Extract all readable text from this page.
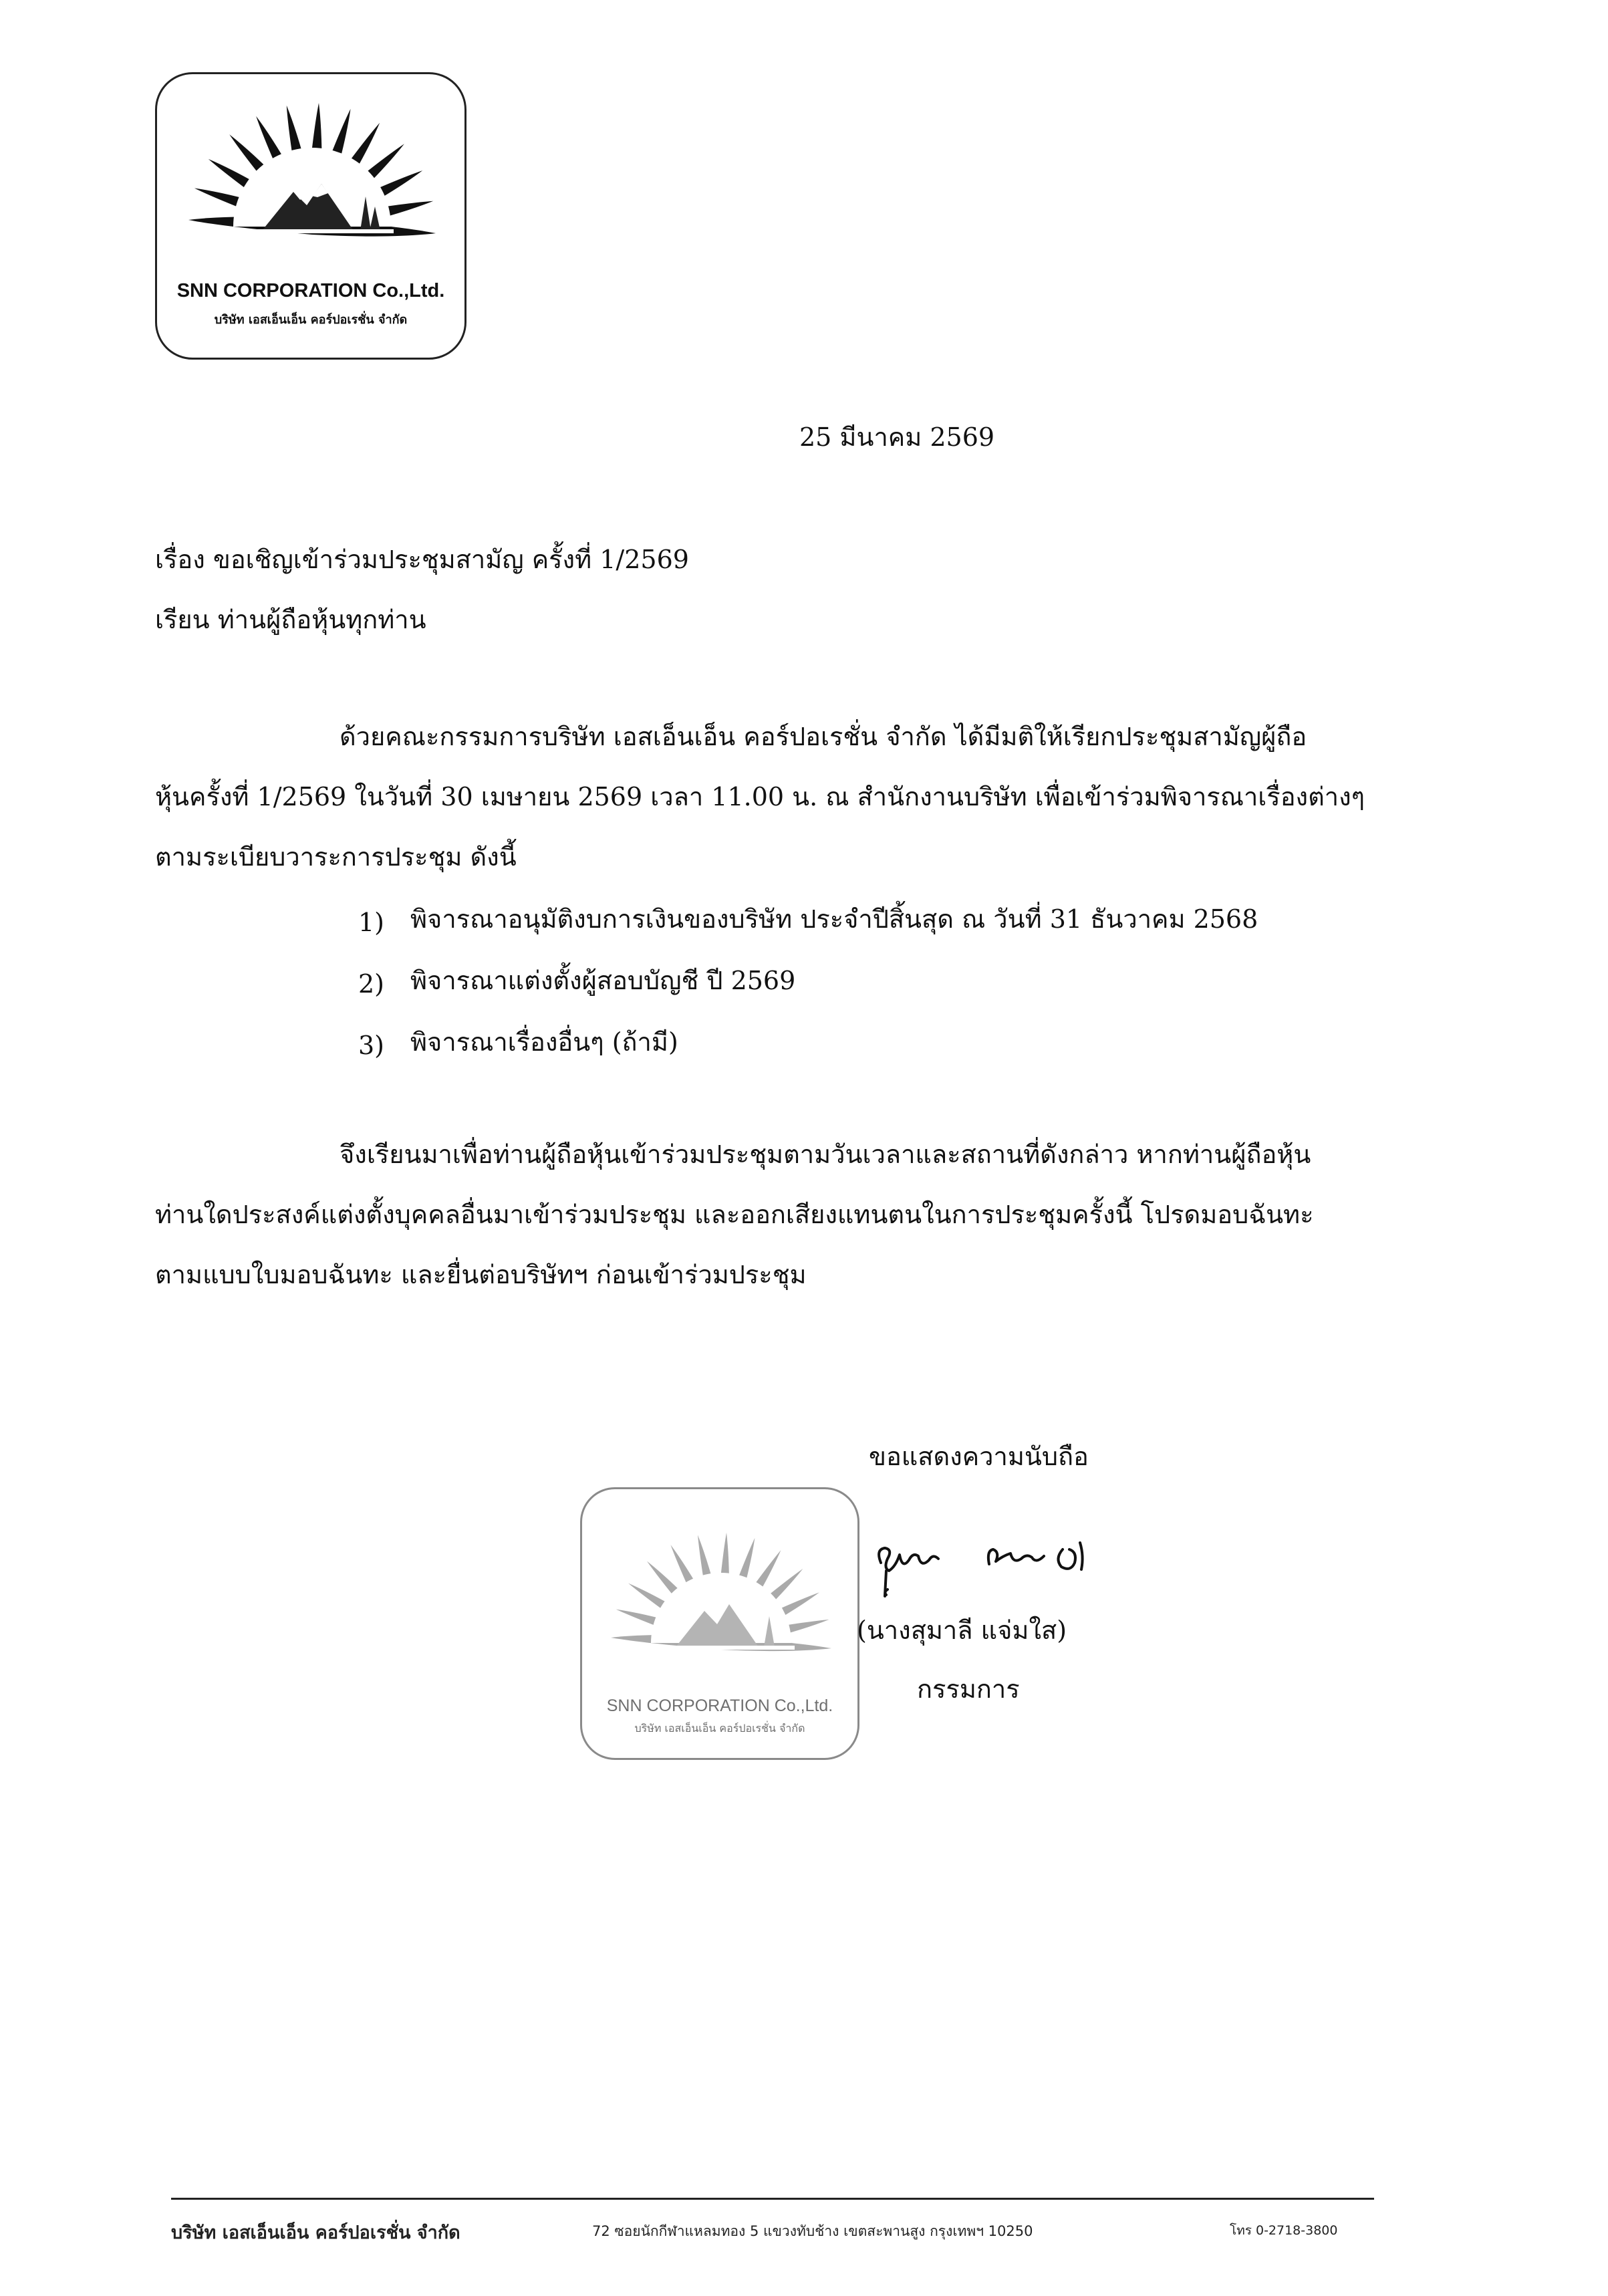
SNN CORPORATION Co.,Ltd.
บริษัท เอสเอ็นเอ็น คอร์ปอเรชั่น จำกัด
25 มีนาคม 2569
เรื่อง ขอเชิญเข้าร่วมประชุมสามัญ ครั้งที่ 1/2569
เรียน ท่านผู้ถือหุ้นทุกท่าน
ด้วยคณะกรรมการบริษัท เอสเอ็นเอ็น คอร์ปอเรชั่น จำกัด ได้มีมติให้เรียกประชุมสามัญผู้ถือ
หุ้นครั้งที่ 1/2569 ในวันที่ 30 เมษายน 2569 เวลา 11.00 น. ณ สำนักงานบริษัท เพื่อเข้าร่วมพิจารณาเรื่องต่างๆ
ตามระเบียบวาระการประชุม ดังนี้
1) พิจารณาอนุมัติงบการเงินของบริษัท ประจำปีสิ้นสุด ณ วันที่ 31 ธันวาคม 2568
2) พิจารณาแต่งตั้งผู้สอบบัญชี ปี 2569
3) พิจารณาเรื่องอื่นๆ (ถ้ามี)
จึงเรียนมาเพื่อท่านผู้ถือหุ้นเข้าร่วมประชุมตามวันเวลาและสถานที่ดังกล่าว หากท่านผู้ถือหุ้น
ท่านใดประสงค์แต่งตั้งบุคคลอื่นมาเข้าร่วมประชุม และออกเสียงแทนตนในการประชุมครั้งนี้ โปรดมอบฉันทะ
ตามแบบใบมอบฉันทะ และยื่นต่อบริษัทฯ ก่อนเข้าร่วมประชุม
ขอแสดงความนับถือ
SNN CORPORATION Co.,Ltd.
บริษัท เอสเอ็นเอ็น คอร์ปอเรชั่น จำกัด
(นางสุมาลี แจ่มใส)
กรรมการ
บริษัท เอสเอ็นเอ็น คอร์ปอเรชั่น จำกัด	72 ซอยนักกีฬาแหลมทอง 5 แขวงทับช้าง เขตสะพานสูง กรุงเทพฯ 10250	โทร 0-2718-3800
